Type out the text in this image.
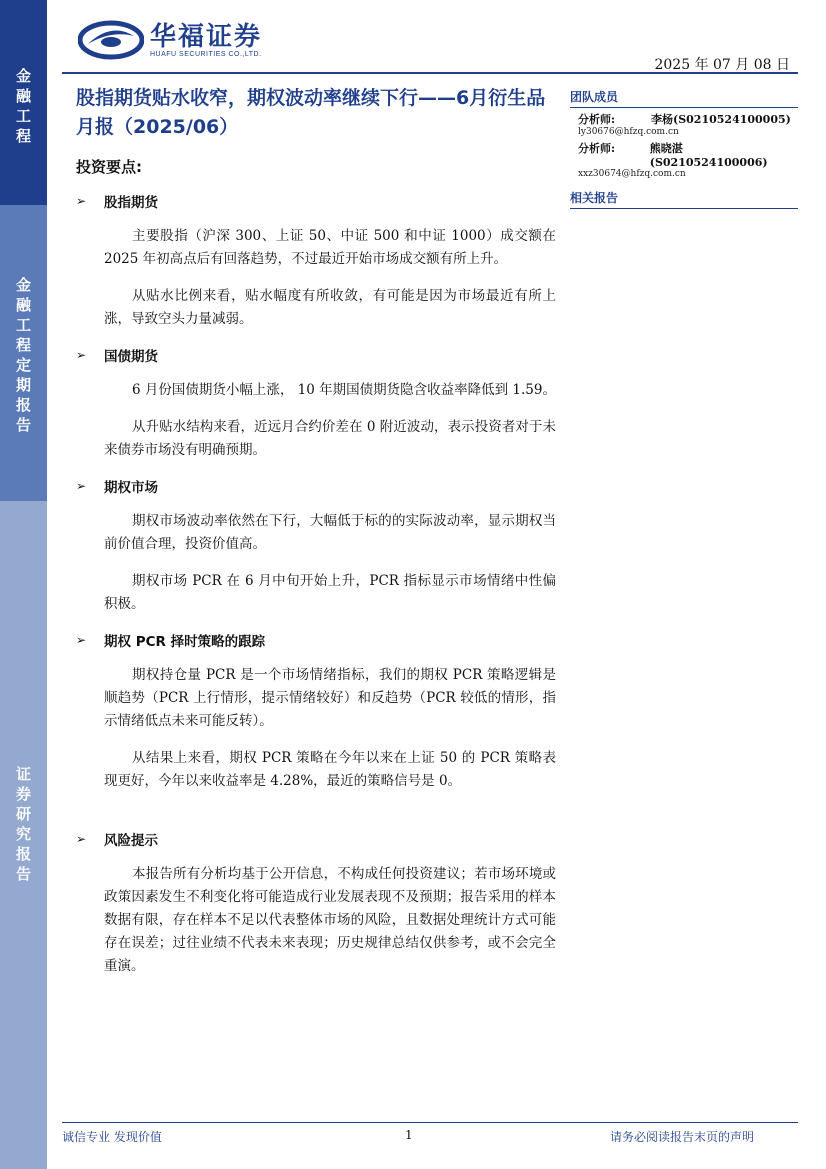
金融工程
金融工程定期报告
证券研究报告
华福证券
HUAFU SECURITIES CO.,LTD.
2025 年 07 月 08 日
股指期货贴水收窄，期权波动率继续下行——6月衍生品月报（2025/06）
投资要点:
➢	股指期货

主要股指（沪深 300、上证 50、中证 500 和中证 1000）成交额在 2025 年初高点后有回落趋势，不过最近开始市场成交额有所上升。

从贴水比例来看，贴水幅度有所收敛，有可能是因为市场最近有所上涨，导致空头力量减弱。

➢	国债期货

6 月份国债期货小幅上涨， 10 年期国债期货隐含收益率降低到 1.59。

从升贴水结构来看，近远月合约价差在 0 附近波动，表示投资者对于未来债券市场没有明确预期。

➢	期权市场

期权市场波动率依然在下行，大幅低于标的的实际波动率，显示期权当前价值合理，投资价值高。

期权市场 PCR 在 6 月中旬开始上升，PCR 指标显示市场情绪中性偏积极。

➢	期权 PCR 择时策略的跟踪

期权持仓量 PCR 是一个市场情绪指标，我们的期权 PCR 策略逻辑是顺趋势（PCR 上行情形，提示情绪较好）和反趋势（PCR 较低的情形，指示情绪低点未来可能反转）。

从结果上来看，期权 PCR 策略在今年以来在上证 50 的 PCR 策略表现更好，今年以来收益率是 4.28%，最近的策略信号是 0。

➢	风险提示

本报告所有分析均基于公开信息，不构成任何投资建议；若市场环境或政策因素发生不利变化将可能造成行业发展表现不及预期；报告采用的样本数据有限，存在样本不足以代表整体市场的风险，且数据处理统计方式可能存在误差；过往业绩不代表未来表现；历史规律总结仅供参考，或不会完全重演。

团队成员
分析师:	李杨(S0210524100005)
ly30676@hfzq.com.cn
分析师:	熊晓湛(S0210524100006)
xxz30674@hfzq.com.cn
相关报告
诚信专业 发现价值	1	请务必阅读报告末页的声明
